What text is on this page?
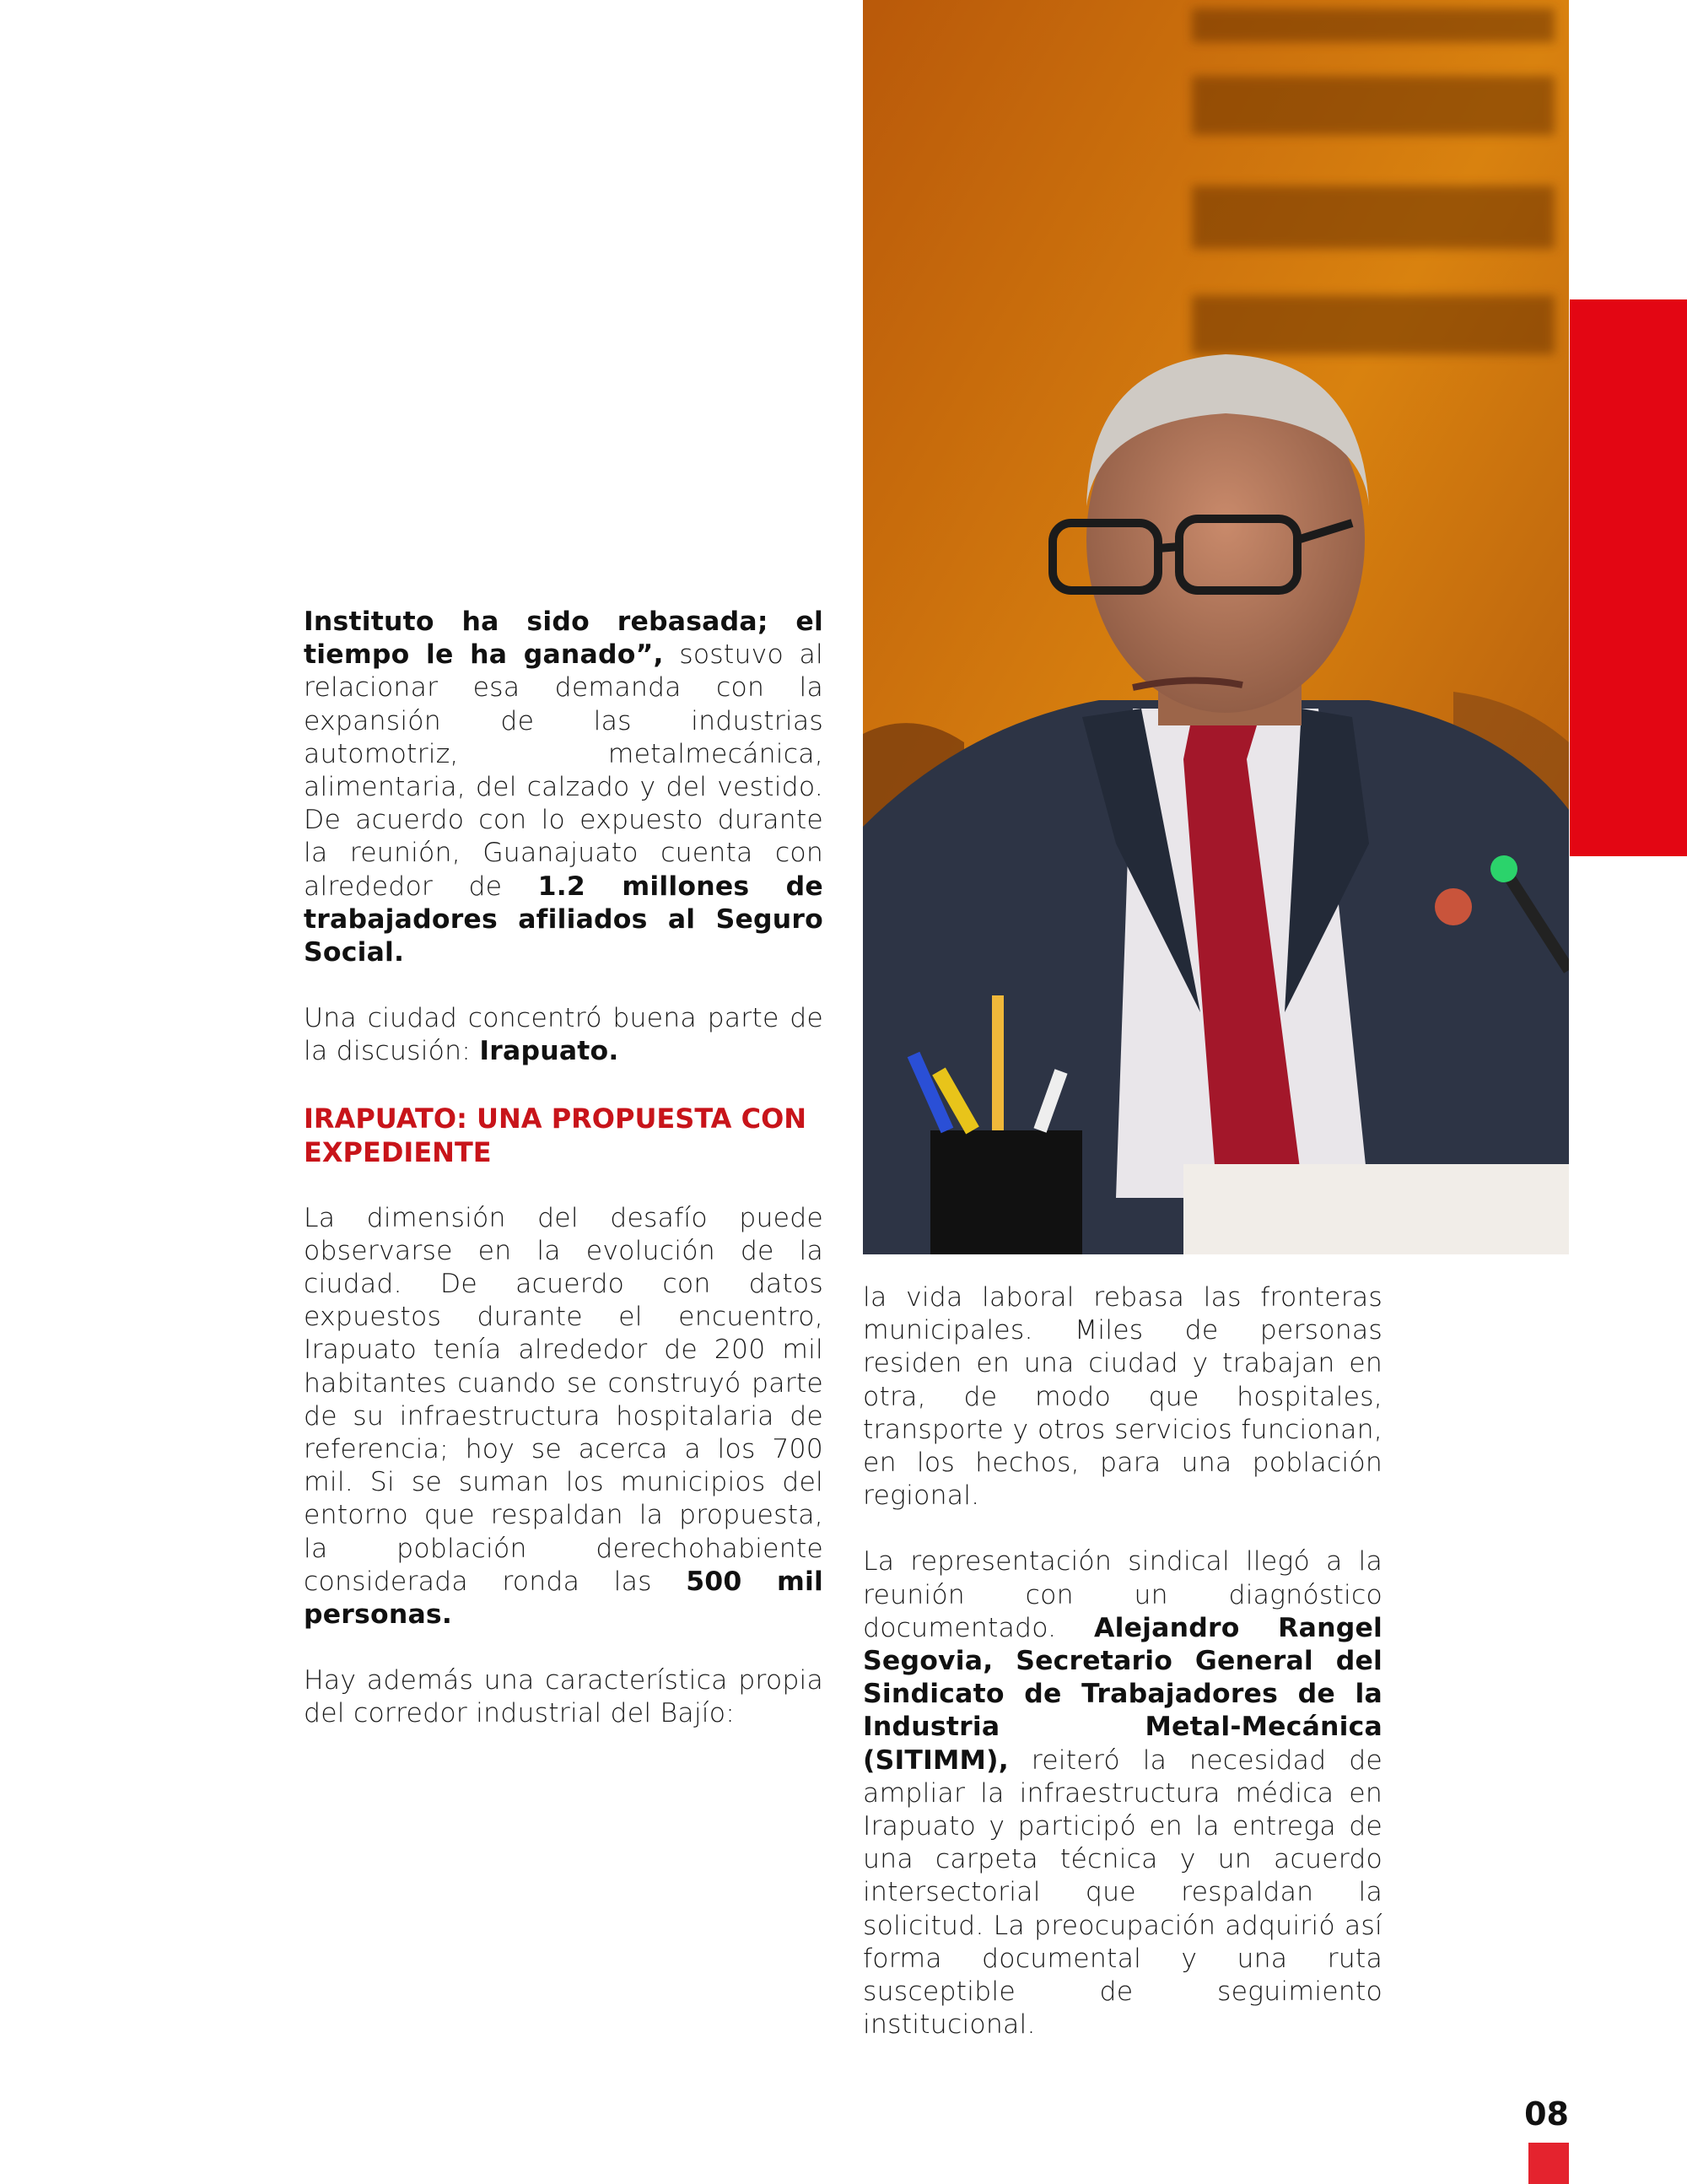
Instituto ha sido rebasada; el tiempo le ha ganado”, sostuvo al relacionar esa demanda con la expansión de las industrias automotriz, metalmecánica, alimentaria, del calzado y del vestido. De acuerdo con lo expuesto durante la reunión, Guanajuato cuenta con alrededor de 1.2 millones de trabajadores afiliados al Seguro Social.

Una ciudad concentró buena parte de la discusión: Irapuato.

IRAPUATO: UNA PROPUESTA CON EXPEDIENTE

La dimensión del desafío puede observarse en la evolución de la ciudad. De acuerdo con datos expuestos durante el encuentro, Irapuato tenía alrededor de 200 mil habitantes cuando se construyó parte de su infraestructura hospitalaria de referencia; hoy se acerca a los 700 mil. Si se suman los municipios del entorno que respaldan la propuesta, la población derechohabiente considerada ronda las 500 mil personas.

Hay además una característica propia del corredor industrial del Bajío:

la vida laboral rebasa las fronteras municipales. Miles de personas residen en una ciudad y trabajan en otra, de modo que hospitales, transporte y otros servicios funcionan, en los hechos, para una población regional.

La representación sindical llegó a la reunión con un diagnóstico documentado. Alejandro Rangel Segovia, Secretario General del Sindicato de Trabajadores de la Industria Metal-Mecánica (SITIMM), reiteró la necesidad de ampliar la infraestructura médica en Irapuato y participó en la entrega de una carpeta técnica y un acuerdo intersectorial que respaldan la solicitud. La preocupación adquirió así forma documental y una ruta susceptible de seguimiento institucional.

08
